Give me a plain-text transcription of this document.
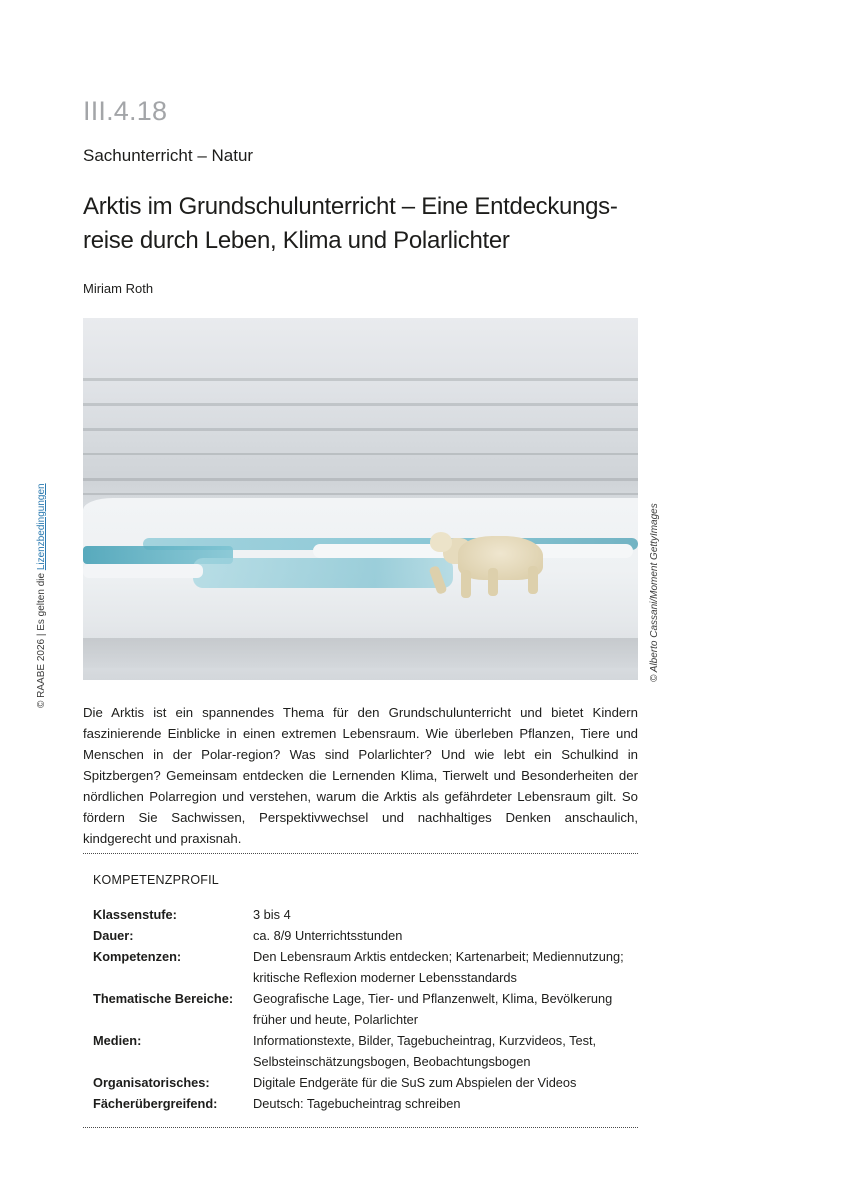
III.4.18
Sachunterricht – Natur
Arktis im Grundschulunterricht – Eine Entdeckungs-reise durch Leben, Klima und Polarlichter
Miriam Roth
© RAABE 2026 | Es gelten die Lizenzbedingungen	© Alberto Cassani/Moment GettyImages
Die Arktis ist ein spannendes Thema für den Grundschulunterricht und bietet Kindern faszinierende Einblicke in einen extremen Lebensraum. Wie überleben Pflanzen, Tiere und Menschen in der Polar-region? Was sind Polarlichter? Und wie lebt ein Schulkind in Spitzbergen? Gemeinsam entdecken die Lernenden Klima, Tierwelt und Besonderheiten der nördlichen Polarregion und verstehen, warum die Arktis als gefährdeter Lebensraum gilt. So fördern Sie Sachwissen, Perspektivwechsel und nachhaltiges Denken anschaulich, kindgerecht und praxisnah.
KOMPETENZPROFIL
Klassenstufe:	3 bis 4
Dauer:	ca. 8/9 Unterrichtsstunden
Kompetenzen:	Den Lebensraum Arktis entdecken; Kartenarbeit; Mediennutzung; kritische Reflexion moderner Lebensstandards
Thematische Bereiche:	Geografische Lage, Tier- und Pflanzenwelt, Klima, Bevölkerung früher und heute, Polarlichter
Medien:	Informationstexte, Bilder, Tagebucheintrag, Kurzvideos, Test, Selbsteinschätzungsbogen, Beobachtungsbogen
Organisatorisches:	Digitale Endgeräte für die SuS zum Abspielen der Videos
Fächerübergreifend:	Deutsch: Tagebucheintrag schreiben
